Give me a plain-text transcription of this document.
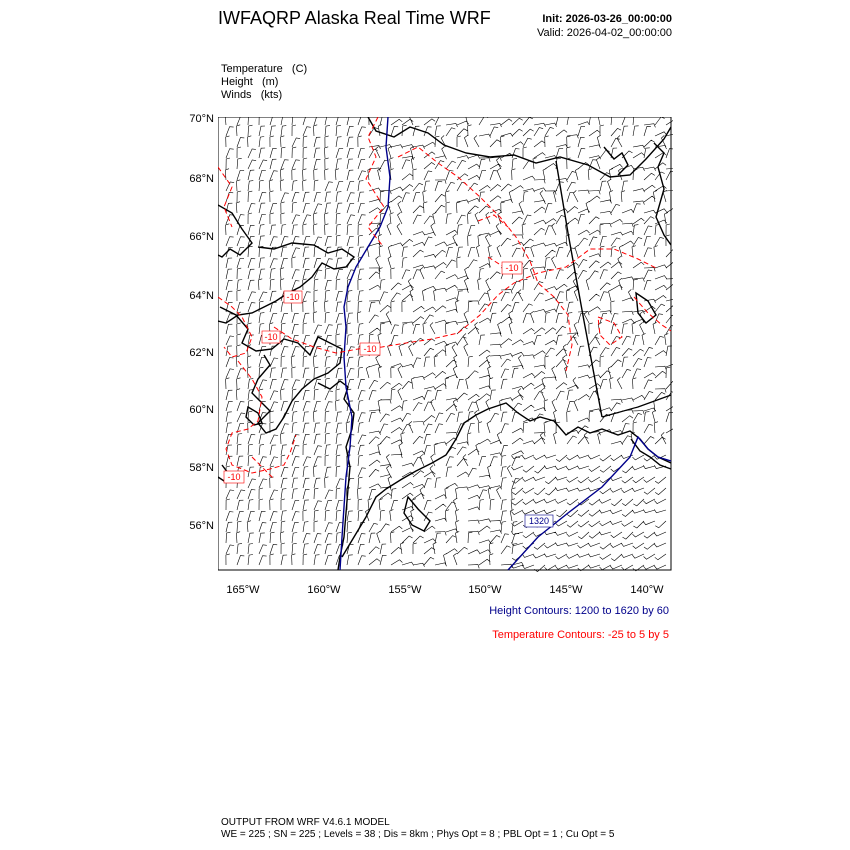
IWFAQRP Alaska Real Time WRF	Init: 2026-03-26_00:00:00
Valid: 2026-04-02_00:00:00
Temperature   (C)
Height   (m)
Winds   (kts)
70°N
68°N
66°N
64°N
62°N
60°N
58°N
56°N
165°W	160°W	155°W	150°W	145°W	140°W
1320
-10
-10
-10
-10
-10
Height Contours: 1200 to 1620 by 60
Temperature Contours: -25 to 5 by 5
OUTPUT FROM WRF V4.6.1 MODEL
WE = 225 ; SN = 225 ; Levels = 38 ; Dis = 8km ; Phys Opt = 8 ; PBL Opt = 1 ; Cu Opt = 5
